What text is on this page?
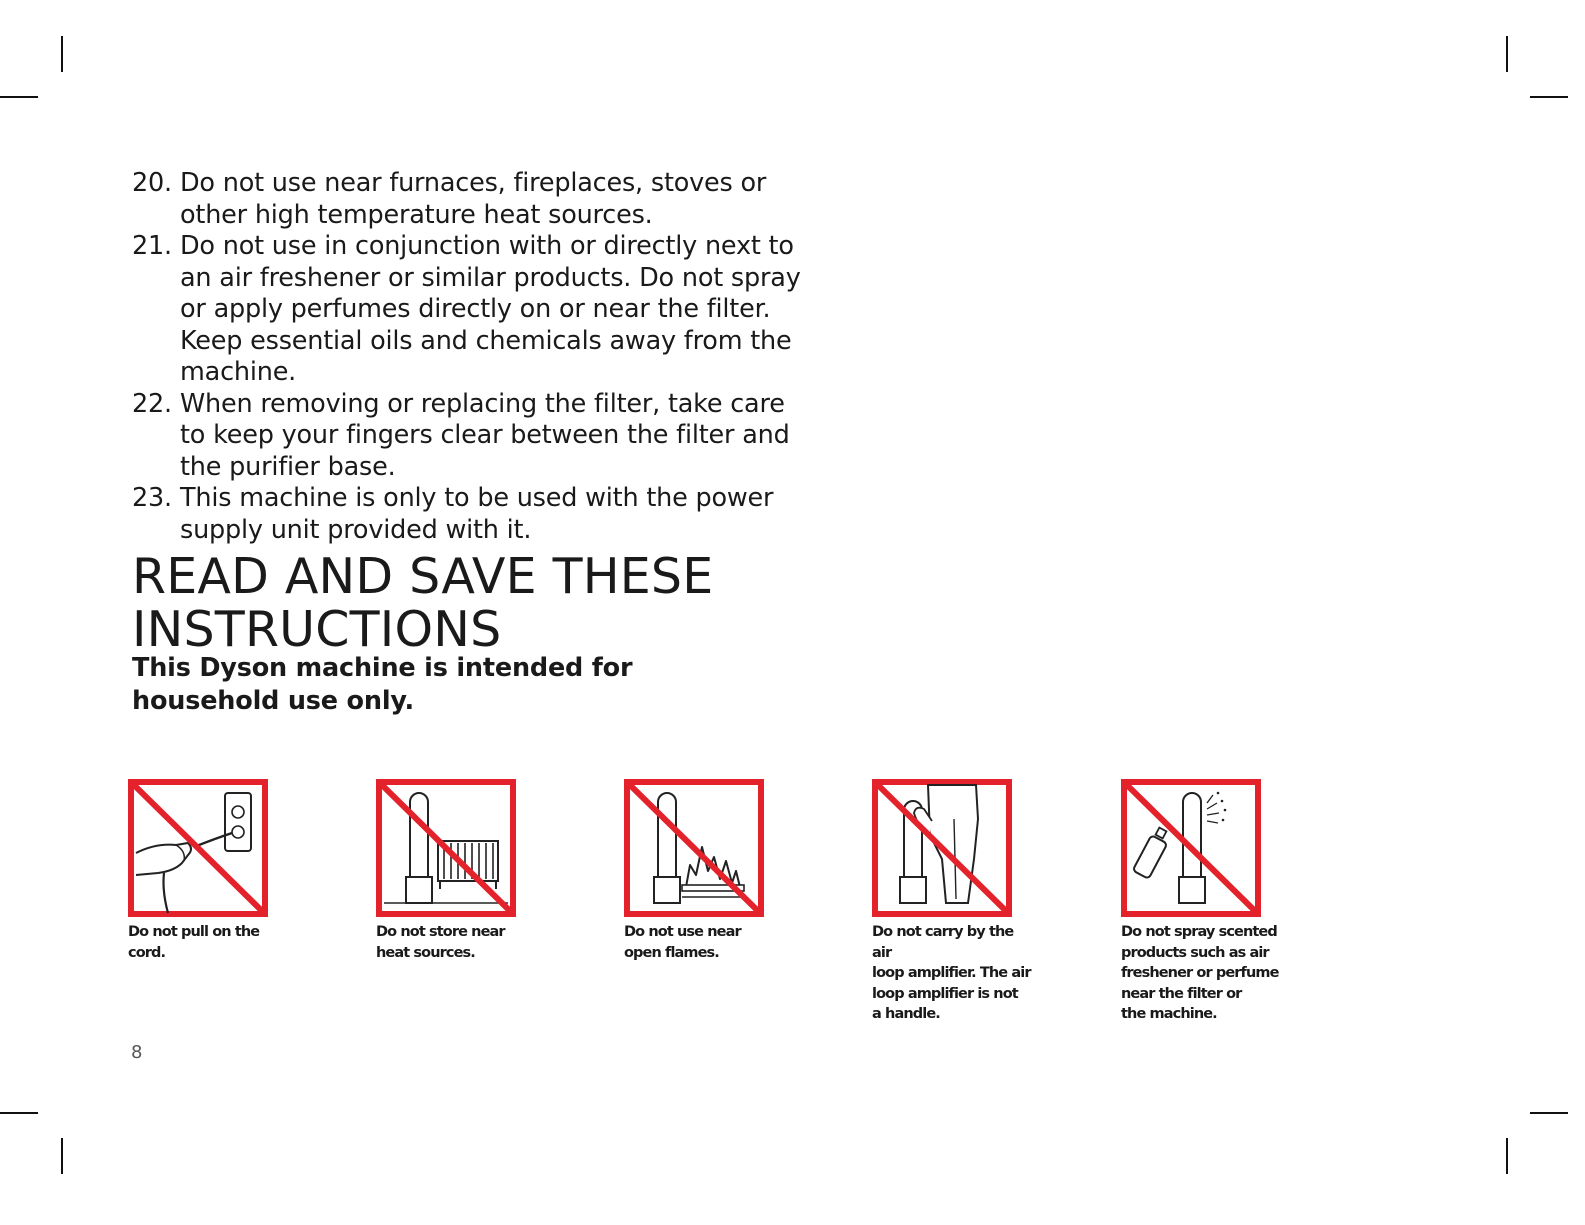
20. Do not use near furnaces, fireplaces, stoves or other high temperature heat sources.
21. Do not use in conjunction with or directly next to an air freshener or similar products. Do not spray or apply perfumes directly on or near the filter. Keep essential oils and chemicals away from the machine.
22. When removing or replacing the filter, take care to keep your fingers clear between the filter and the purifier base.
23. This machine is only to be used with the power supply unit provided with it.
READ AND SAVE THESE INSTRUCTIONS

This Dyson machine is intended for household use only.

Do not pull on the cord.
Do not store near
heat sources.
Do not use near
open flames.
Do not carry by the air
loop amplifier. The air
loop amplifier is not
a handle.
Do not spray scented
products such as air
freshener or perfume
near the filter or
the machine.
8
